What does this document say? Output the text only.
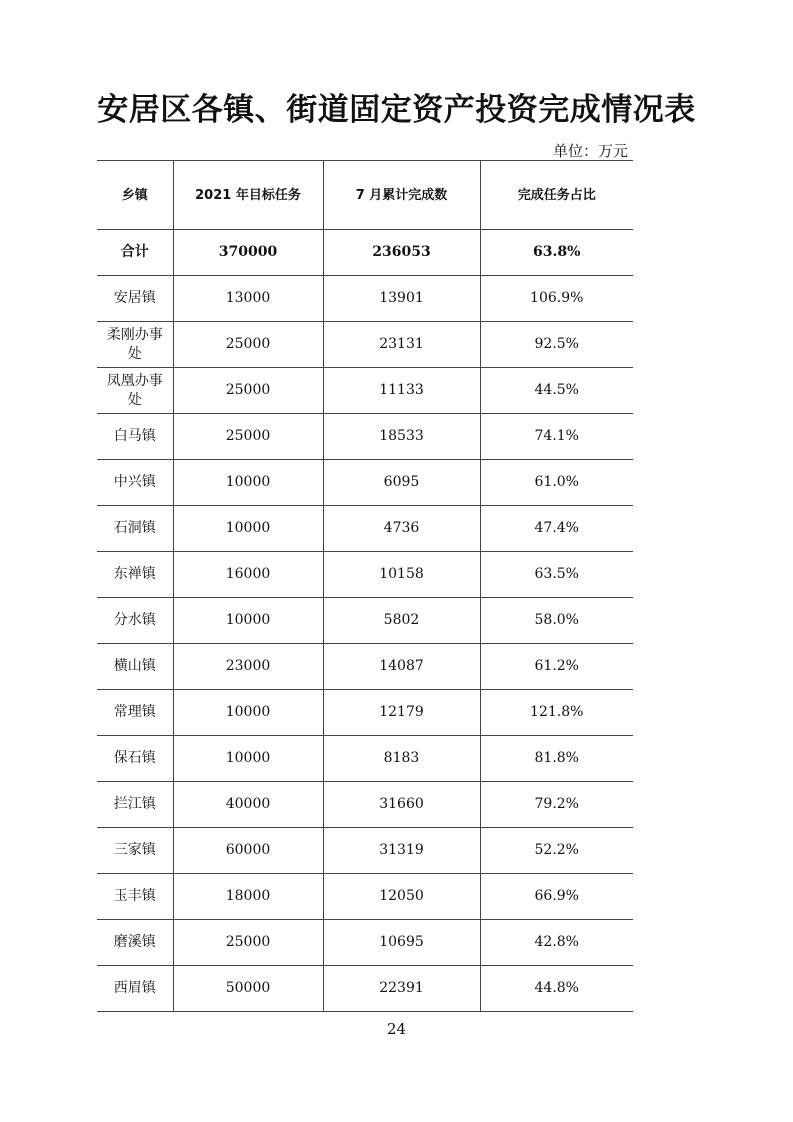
安居区各镇、街道固定资产投资完成情况表
单位：万元
乡镇	2021 年目标任务	7 月累计完成数	完成任务占比
合计	370000	236053	63.8%
安居镇	13000	13901	106.9%
柔刚办事处	25000	23131	92.5%
凤凰办事处	25000	11133	44.5%
白马镇	25000	18533	74.1%
中兴镇	10000	6095	61.0%
石洞镇	10000	4736	47.4%
东禅镇	16000	10158	63.5%
分水镇	10000	5802	58.0%
横山镇	23000	14087	61.2%
常理镇	10000	12179	121.8%
保石镇	10000	8183	81.8%
拦江镇	40000	31660	79.2%
三家镇	60000	31319	52.2%
玉丰镇	18000	12050	66.9%
磨溪镇	25000	10695	42.8%
西眉镇	50000	22391	44.8%
24
